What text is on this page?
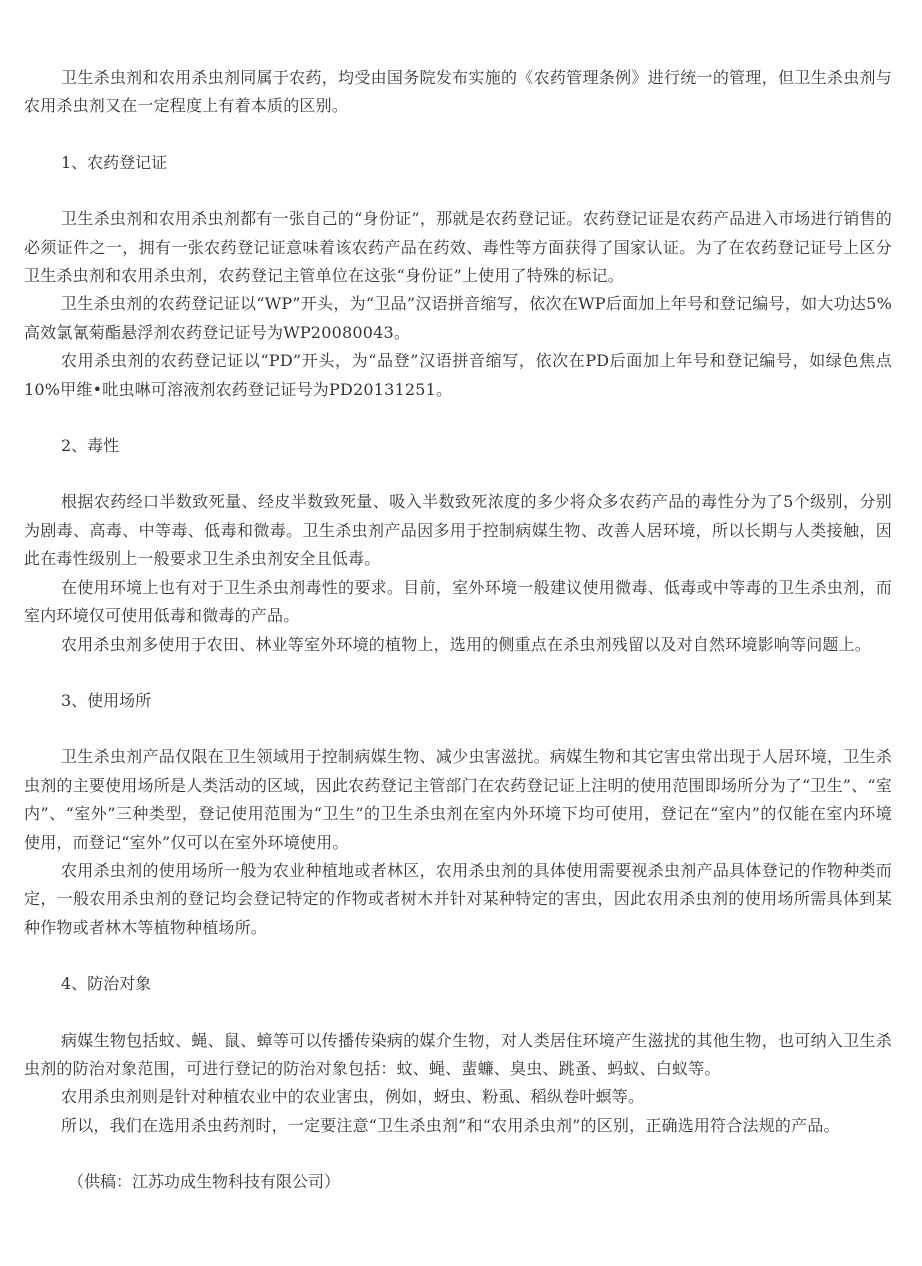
卫生杀虫剂和农用杀虫剂同属于农药，均受由国务院发布实施的《农药管理条例》进行统一的管理，但卫生杀虫剂与农用杀虫剂又在一定程度上有着本质的区别。

1、农药登记证

卫生杀虫剂和农用杀虫剂都有一张自己的“身份证”，那就是农药登记证。农药登记证是农药产品进入市场进行销售的必须证件之一，拥有一张农药登记证意味着该农药产品在药效、毒性等方面获得了国家认证。为了在农药登记证号上区分卫生杀虫剂和农用杀虫剂，农药登记主管单位在这张“身份证”上使用了特殊的标记。

卫生杀虫剂的农药登记证以“WP”开头，为“卫品”汉语拼音缩写，依次在WP后面加上年号和登记编号，如大功达5%高效氯氰菊酯悬浮剂农药登记证号为WP20080043。

农用杀虫剂的农药登记证以“PD”开头，为“品登”汉语拼音缩写，依次在PD后面加上年号和登记编号，如绿色焦点10%甲维•吡虫啉可溶液剂农药登记证号为PD20131251。

2、毒性

根据农药经口半数致死量、经皮半数致死量、吸入半数致死浓度的多少将众多农药产品的毒性分为了5个级别，分别为剧毒、高毒、中等毒、低毒和微毒。卫生杀虫剂产品因多用于控制病媒生物、改善人居环境，所以长期与人类接触，因此在毒性级别上一般要求卫生杀虫剂安全且低毒。

在使用环境上也有对于卫生杀虫剂毒性的要求。目前，室外环境一般建议使用微毒、低毒或中等毒的卫生杀虫剂，而室内环境仅可使用低毒和微毒的产品。

农用杀虫剂多使用于农田、林业等室外环境的植物上，选用的侧重点在杀虫剂残留以及对自然环境影响等问题上。

3、使用场所

卫生杀虫剂产品仅限在卫生领域用于控制病媒生物、减少虫害滋扰。病媒生物和其它害虫常出现于人居环境，卫生杀虫剂的主要使用场所是人类活动的区域，因此农药登记主管部门在农药登记证上注明的使用范围即场所分为了“卫生”、“室内”、“室外”三种类型，登记使用范围为“卫生”的卫生杀虫剂在室内外环境下均可使用，登记在“室内”的仅能在室内环境使用，而登记“室外”仅可以在室外环境使用。

农用杀虫剂的使用场所一般为农业种植地或者林区，农用杀虫剂的具体使用需要视杀虫剂产品具体登记的作物种类而定，一般农用杀虫剂的登记均会登记特定的作物或者树木并针对某种特定的害虫，因此农用杀虫剂的使用场所需具体到某种作物或者林木等植物种植场所。

4、防治对象

病媒生物包括蚊、蝇、鼠、蟑等可以传播传染病的媒介生物，对人类居住环境产生滋扰的其他生物，也可纳入卫生杀虫剂的防治对象范围，可进行登记的防治对象包括：蚊、蝇、蜚蠊、臭虫、跳蚤、蚂蚁、白蚁等。

农用杀虫剂则是针对种植农业中的农业害虫，例如，蚜虫、粉虱、稻纵卷叶螟等。

所以，我们在选用杀虫药剂时，一定要注意“卫生杀虫剂”和“农用杀虫剂”的区别，正确选用符合法规的产品。

（供稿：江苏功成生物科技有限公司）
